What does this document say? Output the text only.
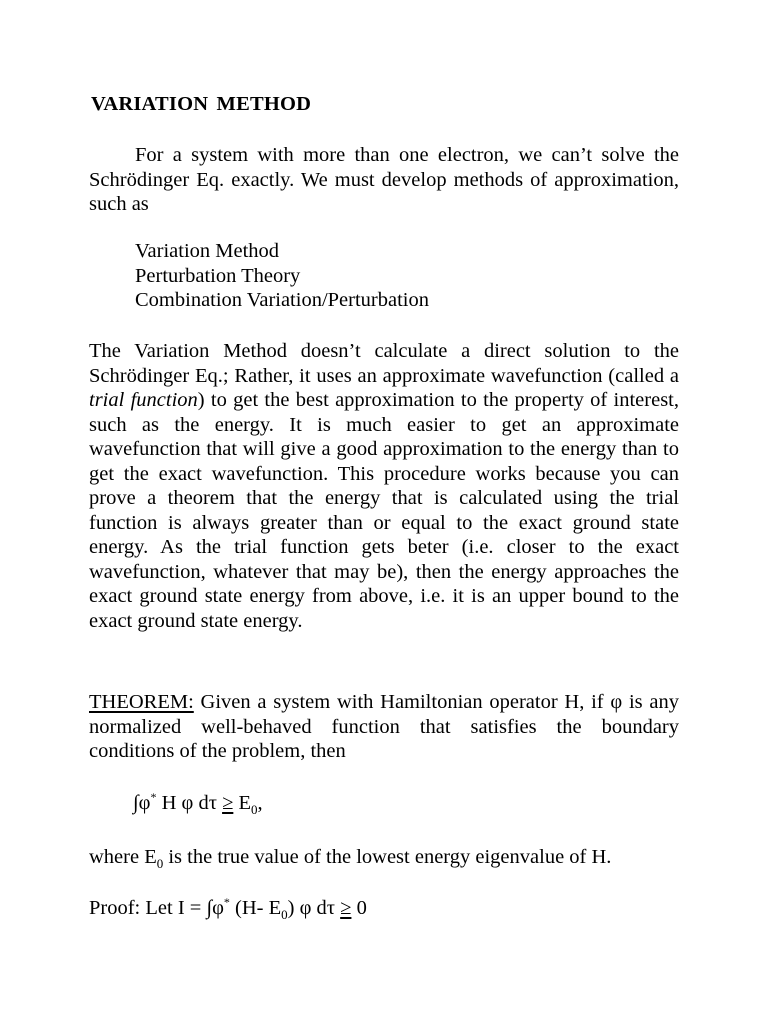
VARIATION METHOD

For a system with more than one electron, we can’t solve the Schrödinger Eq. exactly. We must develop methods of approximation, such as

Variation Method
Perturbation Theory
Combination Variation/Perturbation

The Variation Method doesn’t calculate a direct solution to the Schrödinger Eq.; Rather, it uses an approximate wavefunction (called a trial function) to get the best approximation to the property of interest, such as the energy. It is much easier to get an approximate wavefunction that will give a good approximation to the energy than to get the exact wavefunction. This procedure works because you can prove a theorem that the energy that is calculated using the trial function is always greater than or equal to the exact ground state energy. As the trial function gets beter (i.e. closer to the exact wavefunction, whatever that may be), then the energy approaches the exact ground state energy from above, i.e. it is an upper bound to the exact ground state energy.

THEOREM: Given a system with Hamiltonian operator H, if φ is any normalized well-behaved function that satisfies the boundary conditions of the problem, then

∫φ* H φ $d\tau \ge E_0$,
where $E_0$ is the true value of the lowest energy eigenvalue of H.
Proof: Let I = ∫φ* (H- $E_0$) φ dτ ≥ 0
